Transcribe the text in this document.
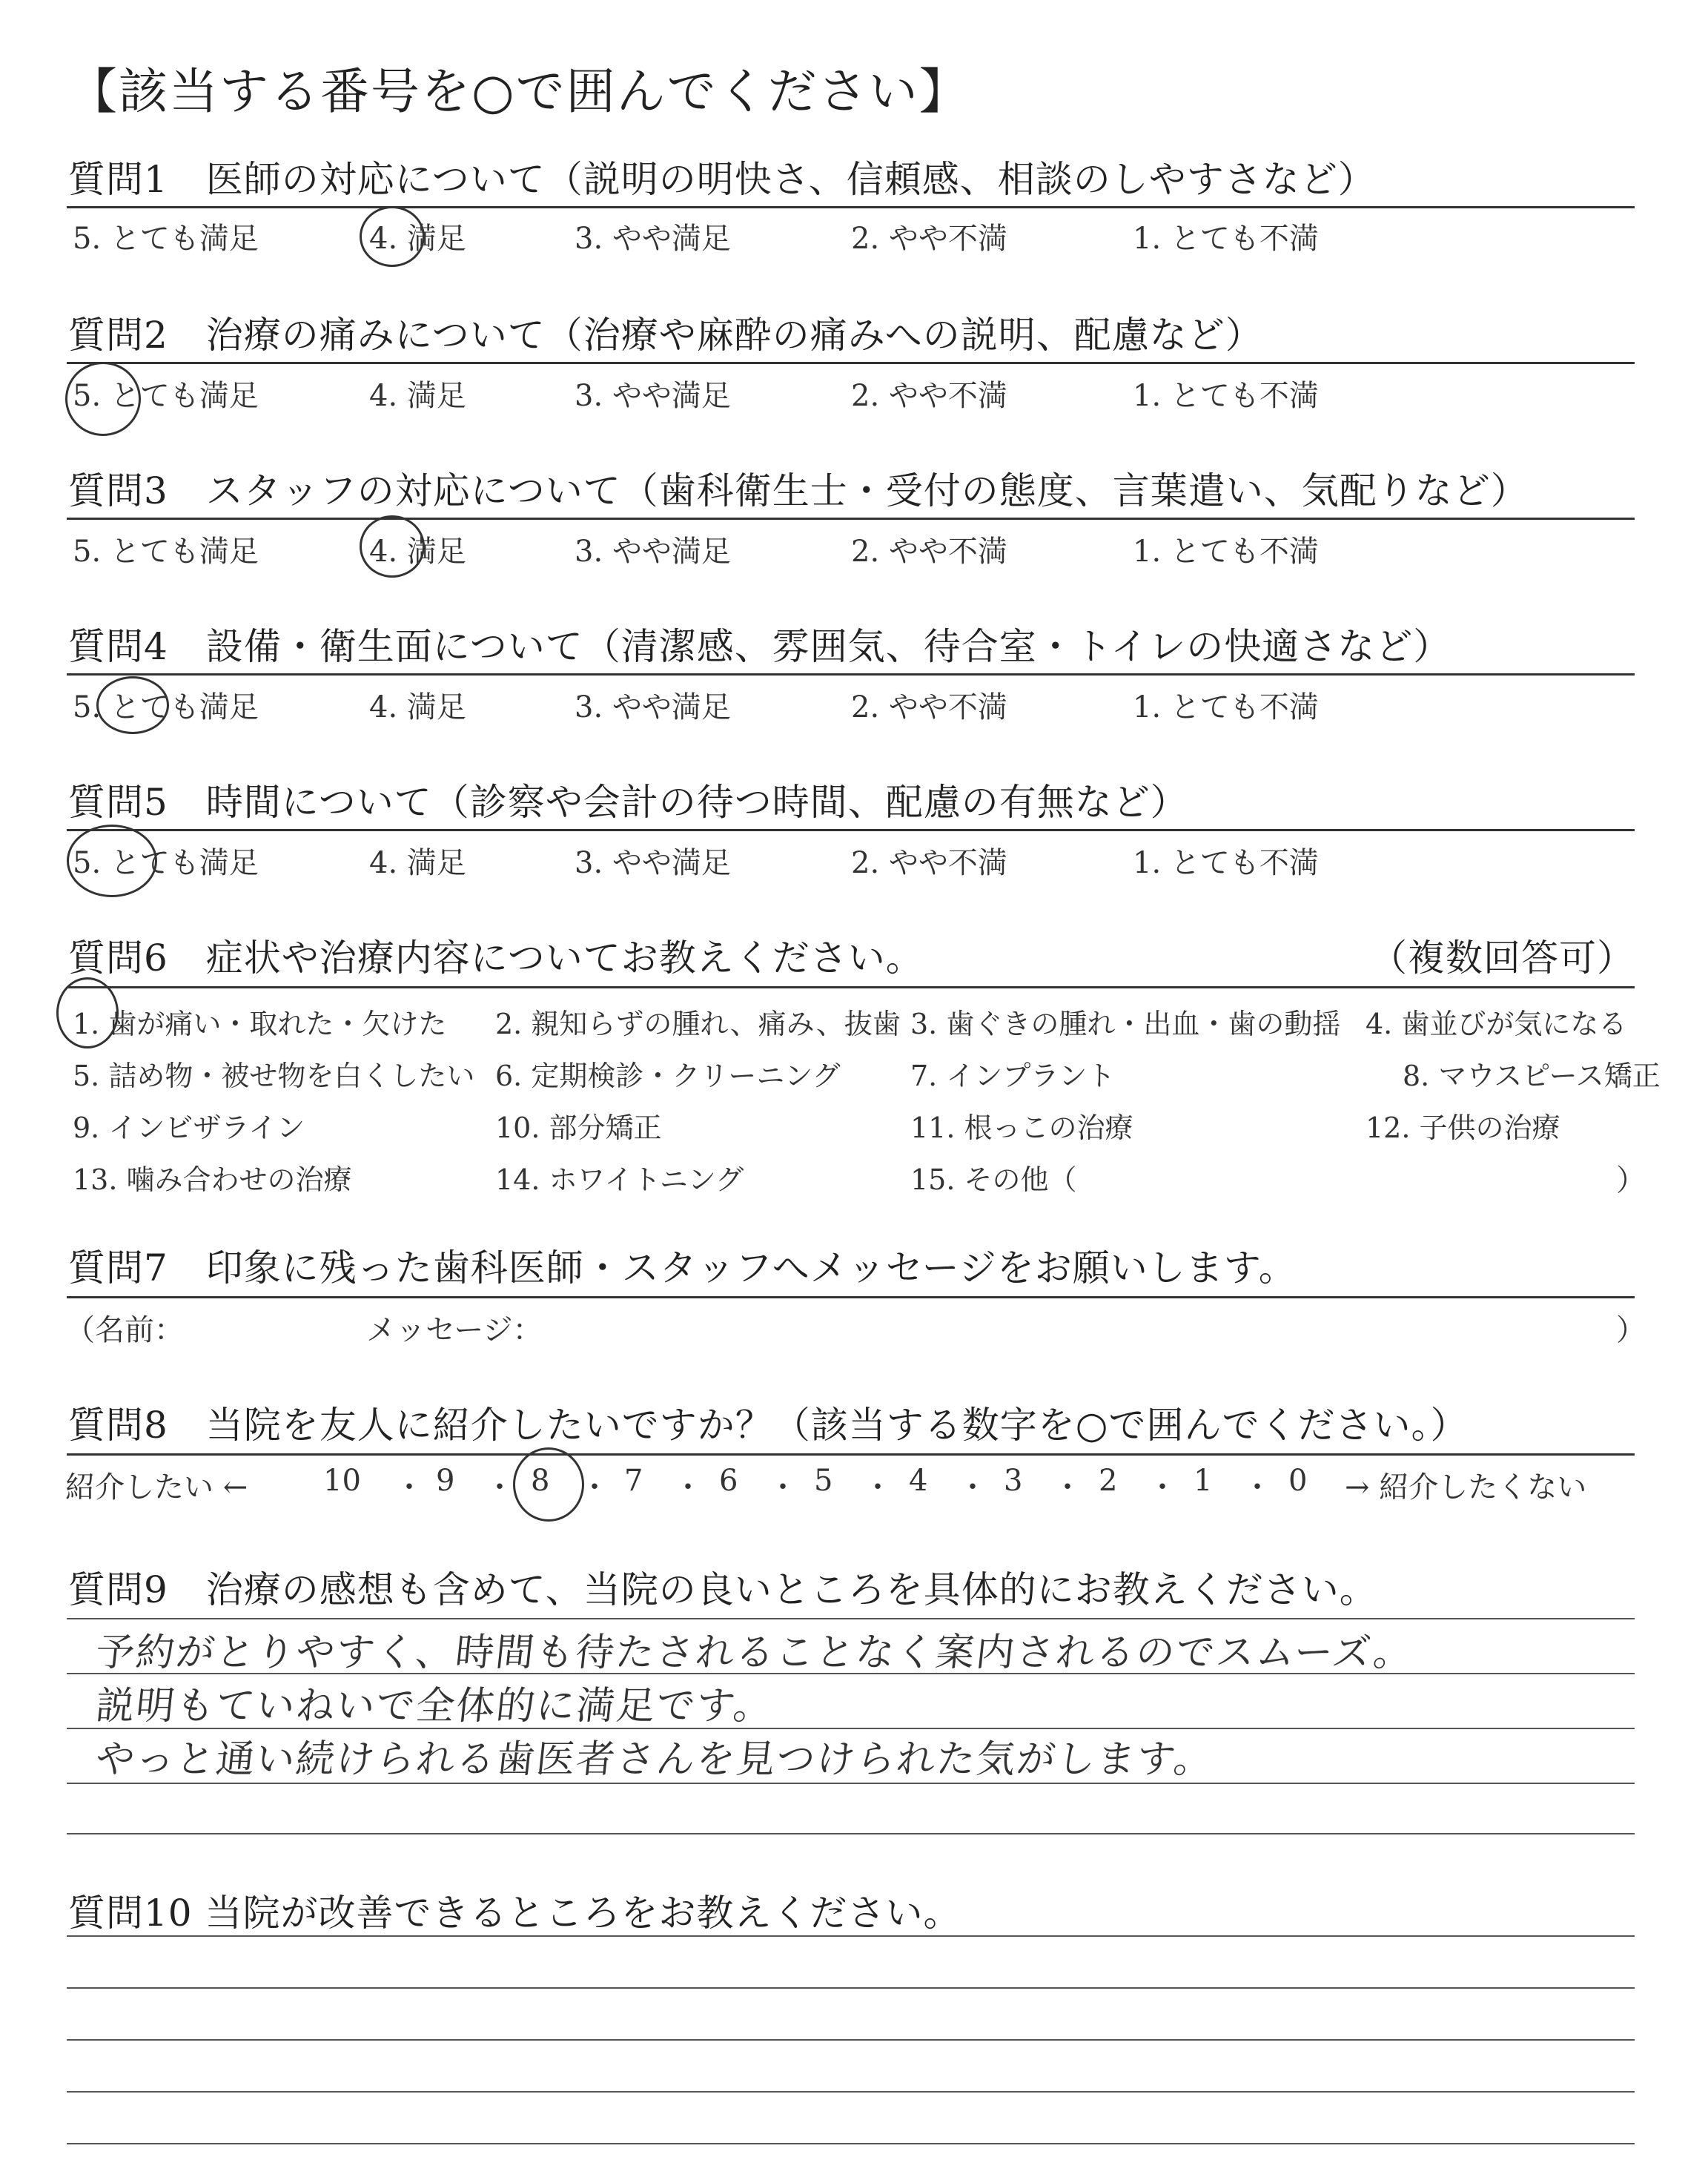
【該当する番号を○で囲んでください】
質問1　医師の対応について（説明の明快さ、信頼感、相談のしやすさなど）
5. とても満足	4. 満足	3. やや満足	2. やや不満	1. とても不満
質問2　治療の痛みについて（治療や麻酔の痛みへの説明、配慮など）
5. とても満足	4. 満足	3. やや満足	2. やや不満	1. とても不満
質問3　スタッフの対応について（歯科衛生士・受付の態度、言葉遣い、気配りなど）
5. とても満足	4. 満足	3. やや満足	2. やや不満	1. とても不満
質問4　設備・衛生面について（清潔感、雰囲気、待合室・トイレの快適さなど）
5. とても満足	4. 満足	3. やや満足	2. やや不満	1. とても不満
質問5　時間について（診察や会計の待つ時間、配慮の有無など）
5. とても満足	4. 満足	3. やや満足	2. やや不満	1. とても不満
質問6　症状や治療内容についてお教えください。	（複数回答可）
1. 歯が痛い・取れた・欠けた 2. 親知らずの腫れ、痛み、抜歯 3. 歯ぐきの腫れ・出血・歯の動揺 4. 歯並びが気になる
5. 詰め物・被せ物を白くしたい 6. 定期検診・クリーニング 7. インプラント	8. マウスピース矯正
9. インビザライン	10. 部分矯正	11. 根っこの治療	12. 子供の治療
13. 噛み合わせの治療	14. ホワイトニング	15. その他（	）
質問7　印象に残った歯科医師・スタッフへメッセージをお願いします。
（名前：	メッセージ：	）
質問8　当院を友人に紹介したいですか？（該当する数字を○で囲んでください。）
紹介したい ←	10 ・ 9 ・ 8 ・ 7 ・ 6 ・ 5 ・ 4 ・ 3 ・ 2 ・ 1 ・ 0 → 紹介したくない
質問9　治療の感想も含めて、当院の良いところを具体的にお教えください。
予約がとりやすく、時間も待たされることなく案内されるのでスムーズ。
説明もていねいで全体的に満足です。
やっと通い続けられる歯医者さんを見つけられた気がします。
質問10 当院が改善できるところをお教えください。
